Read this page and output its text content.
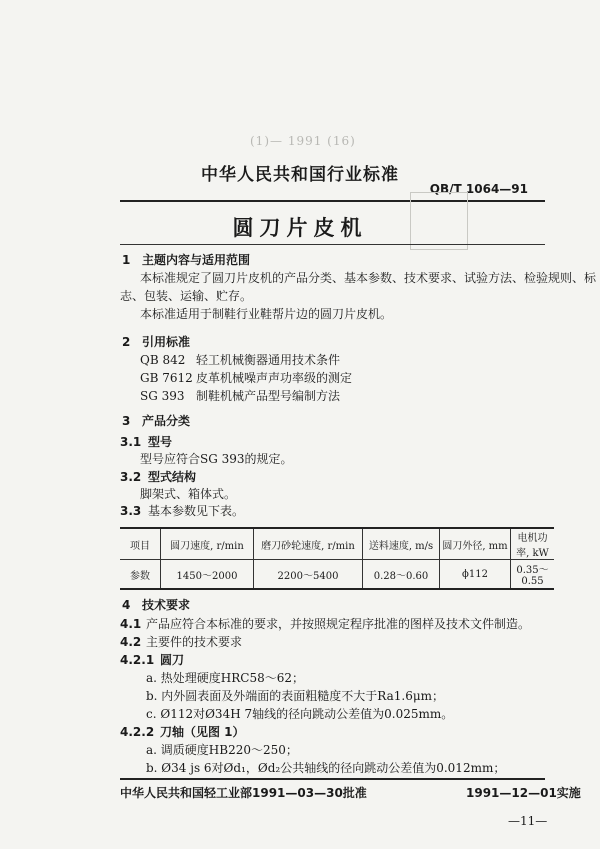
(1)— 1991 (16)
中华人民共和国行业标准
QB/T 1064—91
圆刀片皮机
1 主题内容与适用范围
本标准规定了圆刀片皮机的产品分类、基本参数、技术要求、试验方法、检验规则、标
志、包装、运输、贮存。
本标准适用于制鞋行业鞋帮片边的圆刀片皮机。
2 引用标准
QB 842 轻工机械衡器通用技术条件
GB 7612 皮革机械噪声声功率级的测定
SG 393 制鞋机械产品型号编制方法
3 产品分类
3.1 型号
型号应符合SG 393的规定。
3.2 型式结构
脚架式、箱体式。
3.3 基本参数见下表。
项目	圆刀速度, r/min	磨刀砂轮速度, r/min	送料速度, m/s	圆刀外径, mm	电机功率, kW
参数	1450～2000	2200～5400	0.28～0.60	ϕ112	0.35～0.55
4 技术要求
4.1 产品应符合本标准的要求，并按照规定程序批准的图样及技术文件制造。
4.2 主要件的技术要求
4.2.1 圆刀
a. 热处理硬度HRC58～62；
b. 内外圆表面及外端面的表面粗糙度不大于Ra1.6μm；
c. Ø112对Ø34H 7轴线的径向跳动公差值为0.025mm。
4.2.2 刀轴（见图 1）
a. 调质硬度HB220～250；
b. Ø34 js 6对Ød₁，Ød₂公共轴线的径向跳动公差值为0.012mm；
中华人民共和国轻工业部1991—03—30批准	1991—12—01实施
—11—
